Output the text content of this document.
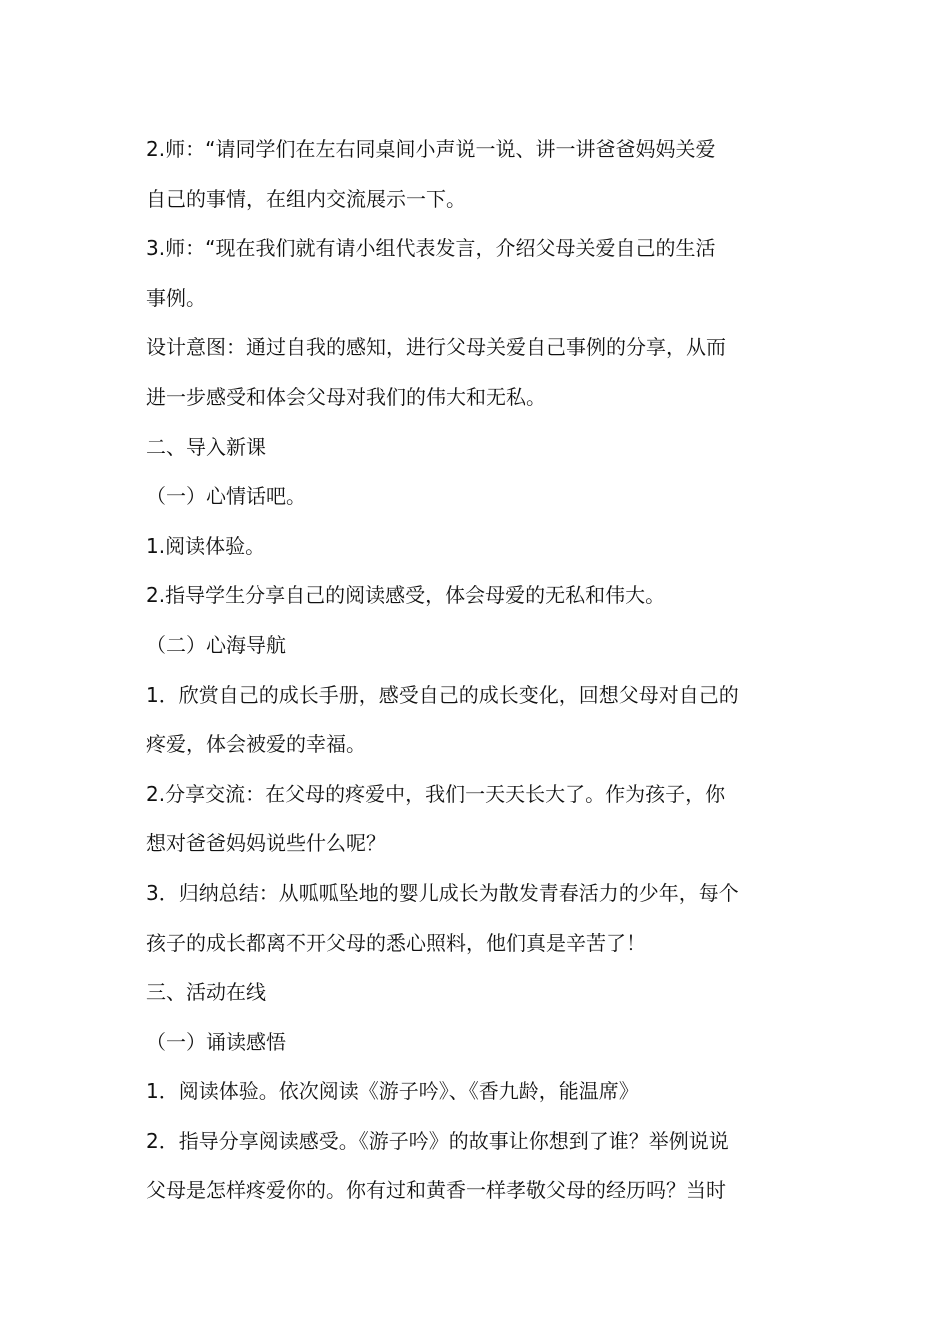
2.师：“请同学们在左右同桌间小声说一说、讲一讲爸爸妈妈关爱

自己的事情，在组内交流展示一下。

3.师：“现在我们就有请小组代表发言，介绍父母关爱自己的生活

事例。

设计意图：通过自我的感知，进行父母关爱自己事例的分享，从而

进一步感受和体会父母对我们的伟大和无私。

二、导入新课

（一）心情话吧。

1.阅读体验。

2.指导学生分享自己的阅读感受，体会母爱的无私和伟大。

（二）心海导航

1．欣赏自己的成长手册，感受自己的成长变化，回想父母对自己的

疼爱，体会被爱的幸福。

2.分享交流：在父母的疼爱中，我们一天天长大了。作为孩子，你

想对爸爸妈妈说些什么呢？

3．归纳总结：从呱呱坠地的婴儿成长为散发青春活力的少年，每个

孩子的成长都离不开父母的悉心照料，他们真是辛苦了！

三、活动在线

（一）诵读感悟

1．阅读体验。依次阅读《游子吟》、《香九龄，能温席》

2．指导分享阅读感受。《游子吟》的故事让你想到了谁？举例说说

父母是怎样疼爱你的。你有过和黄香一样孝敬父母的经历吗？当时
